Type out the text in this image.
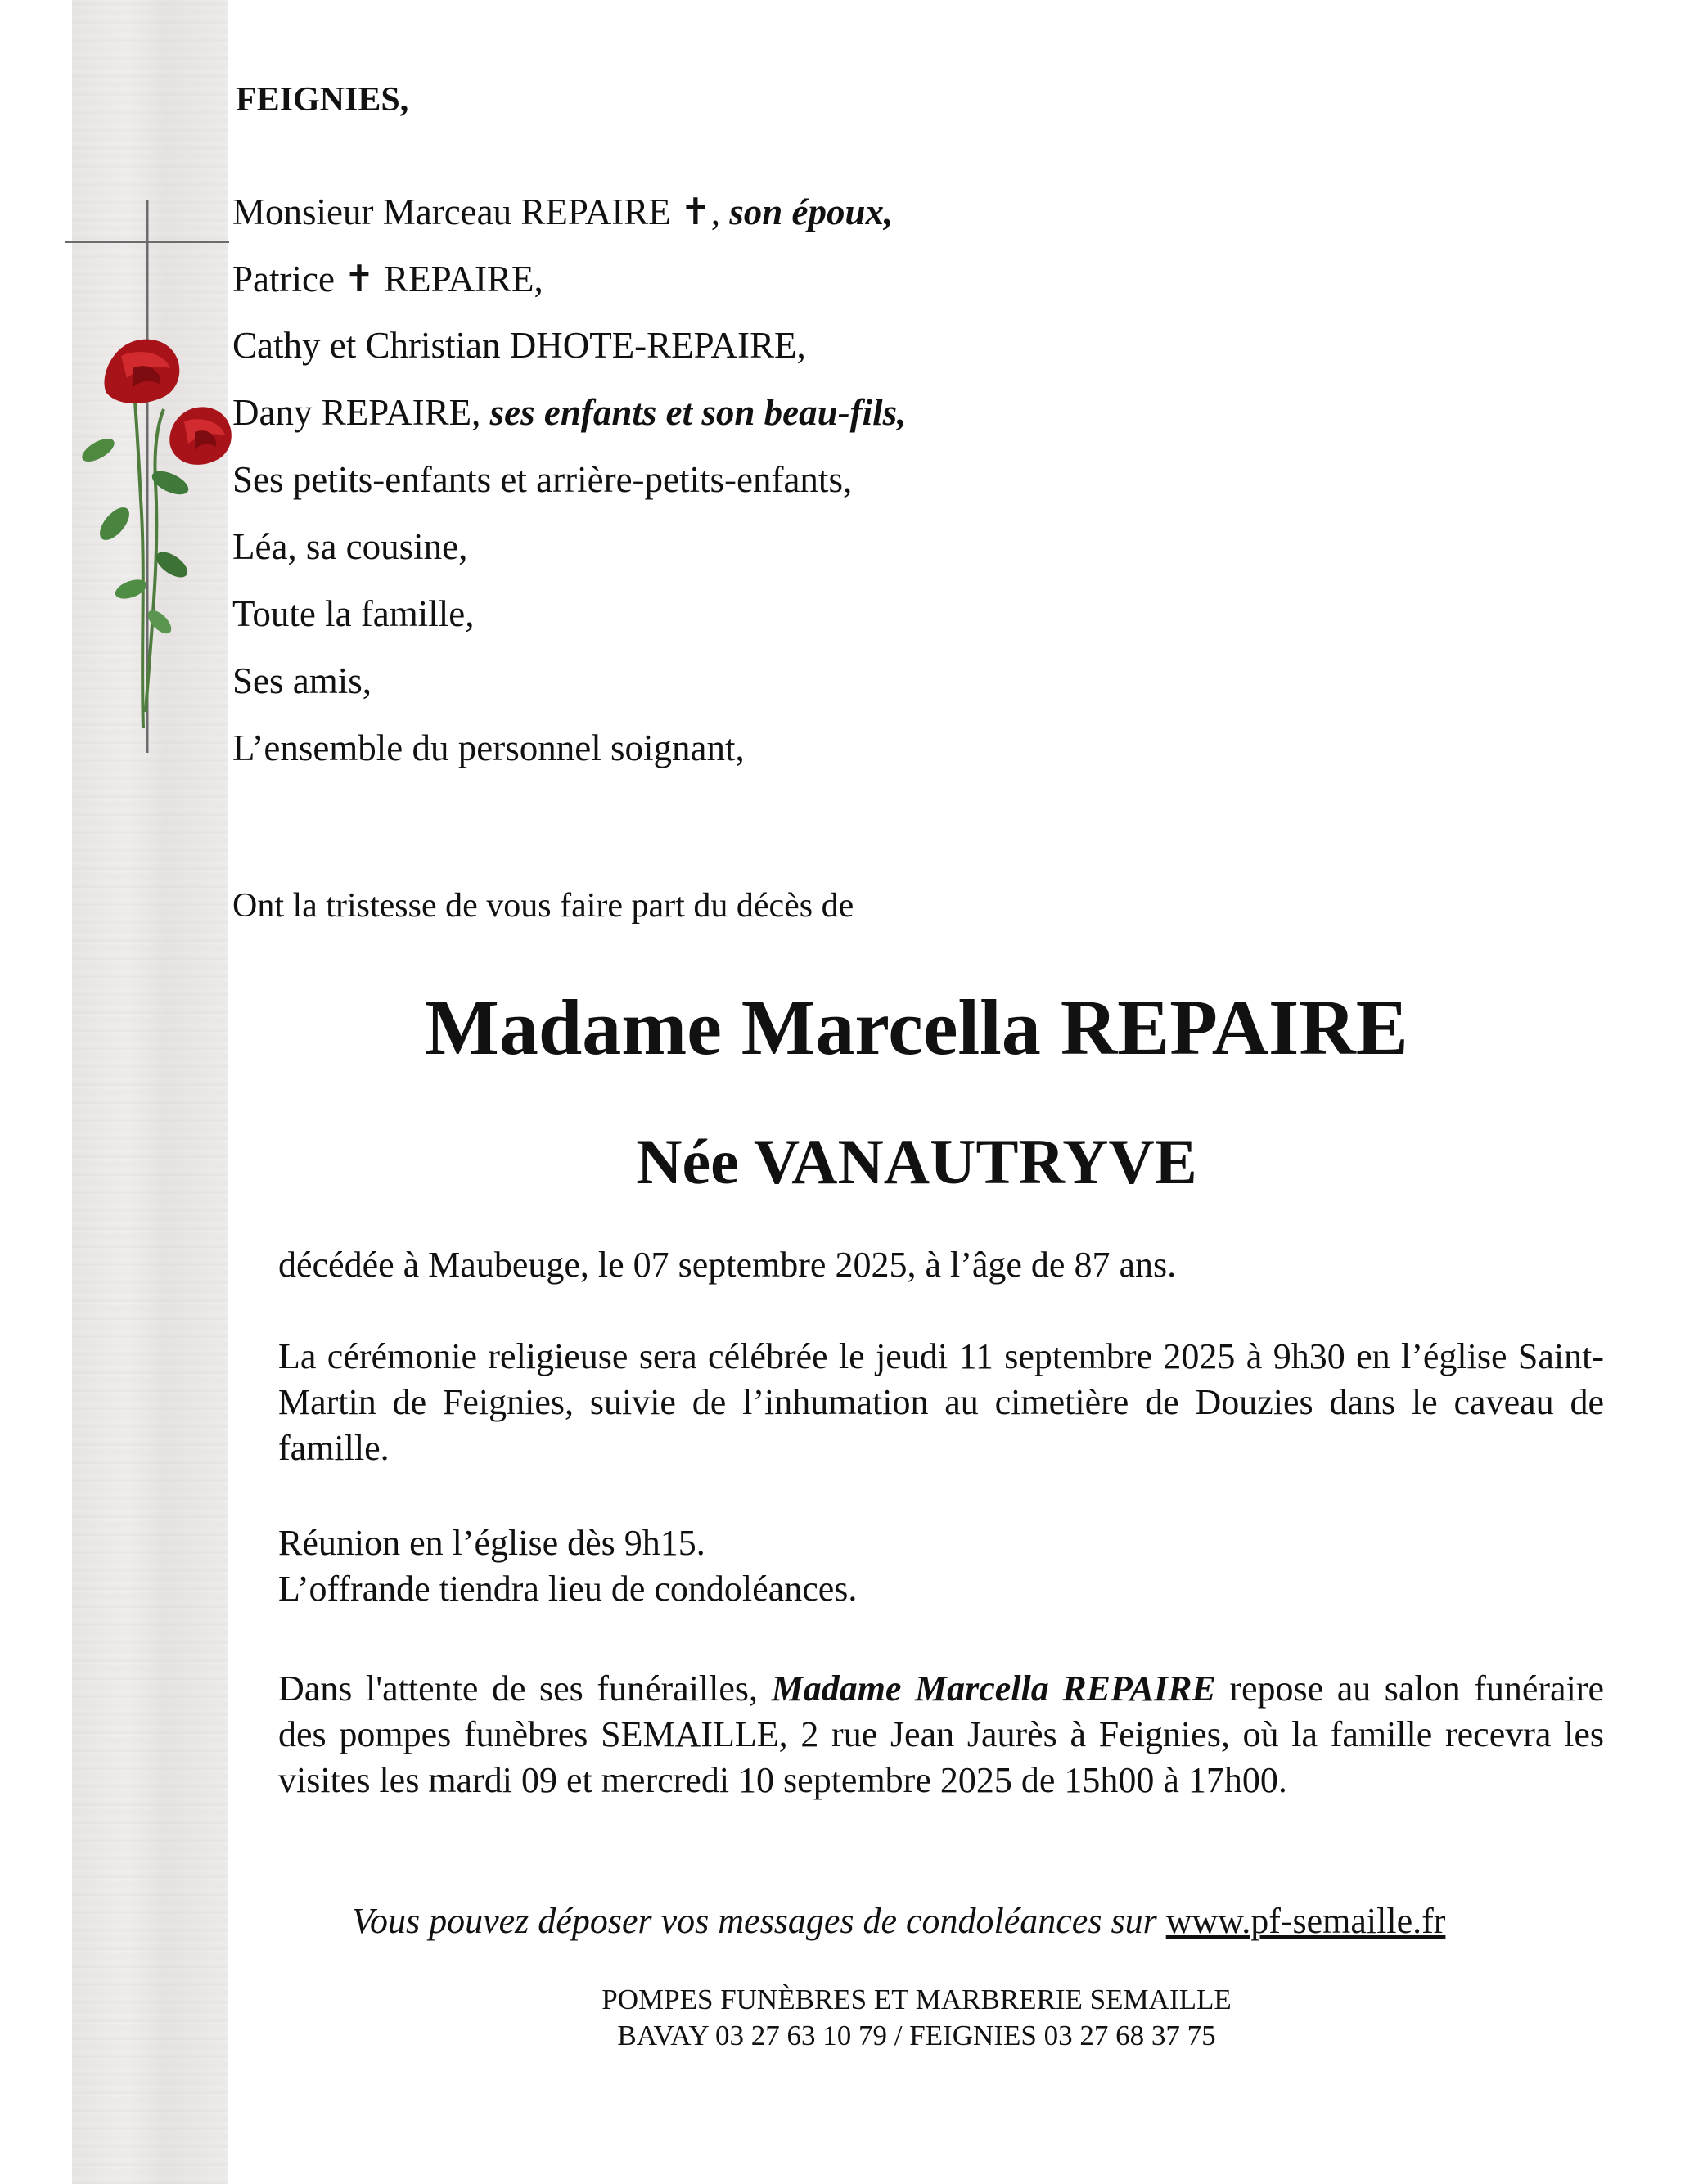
FEIGNIES,
Monsieur Marceau REPAIRE ✝, son époux,
Patrice ✝ REPAIRE,
Cathy et Christian DHOTE-REPAIRE,
Dany REPAIRE, ses enfants et son beau-fils,
Ses petits-enfants et arrière-petits-enfants,
Léa, sa cousine,
Toute la famille,
Ses amis,
L’ensemble du personnel soignant,
Ont la tristesse de vous faire part du décès de
Madame Marcella REPAIRE
Née VANAUTRYVE
décédée à Maubeuge, le 07 septembre 2025, à l’âge de 87 ans.
La cérémonie religieuse sera célébrée le jeudi 11 septembre 2025 à 9h30 en l’église Saint-Martin de Feignies, suivie de l’inhumation au cimetière de Douzies dans le caveau de famille.
Réunion en l’église dès 9h15.
L’offrande tiendra lieu de condoléances.
Dans l'attente de ses funérailles, Madame Marcella REPAIRE repose au salon funéraire des pompes funèbres SEMAILLE, 2 rue Jean Jaurès à Feignies, où la famille recevra les visites les mardi 09 et mercredi 10 septembre 2025 de 15h00 à 17h00.
Vous pouvez déposer vos messages de condoléances sur www.pf-semaille.fr
POMPES FUNÈBRES ET MARBRERIE SEMAILLE
BAVAY 03 27 63 10 79 / FEIGNIES 03 27 68 37 75
